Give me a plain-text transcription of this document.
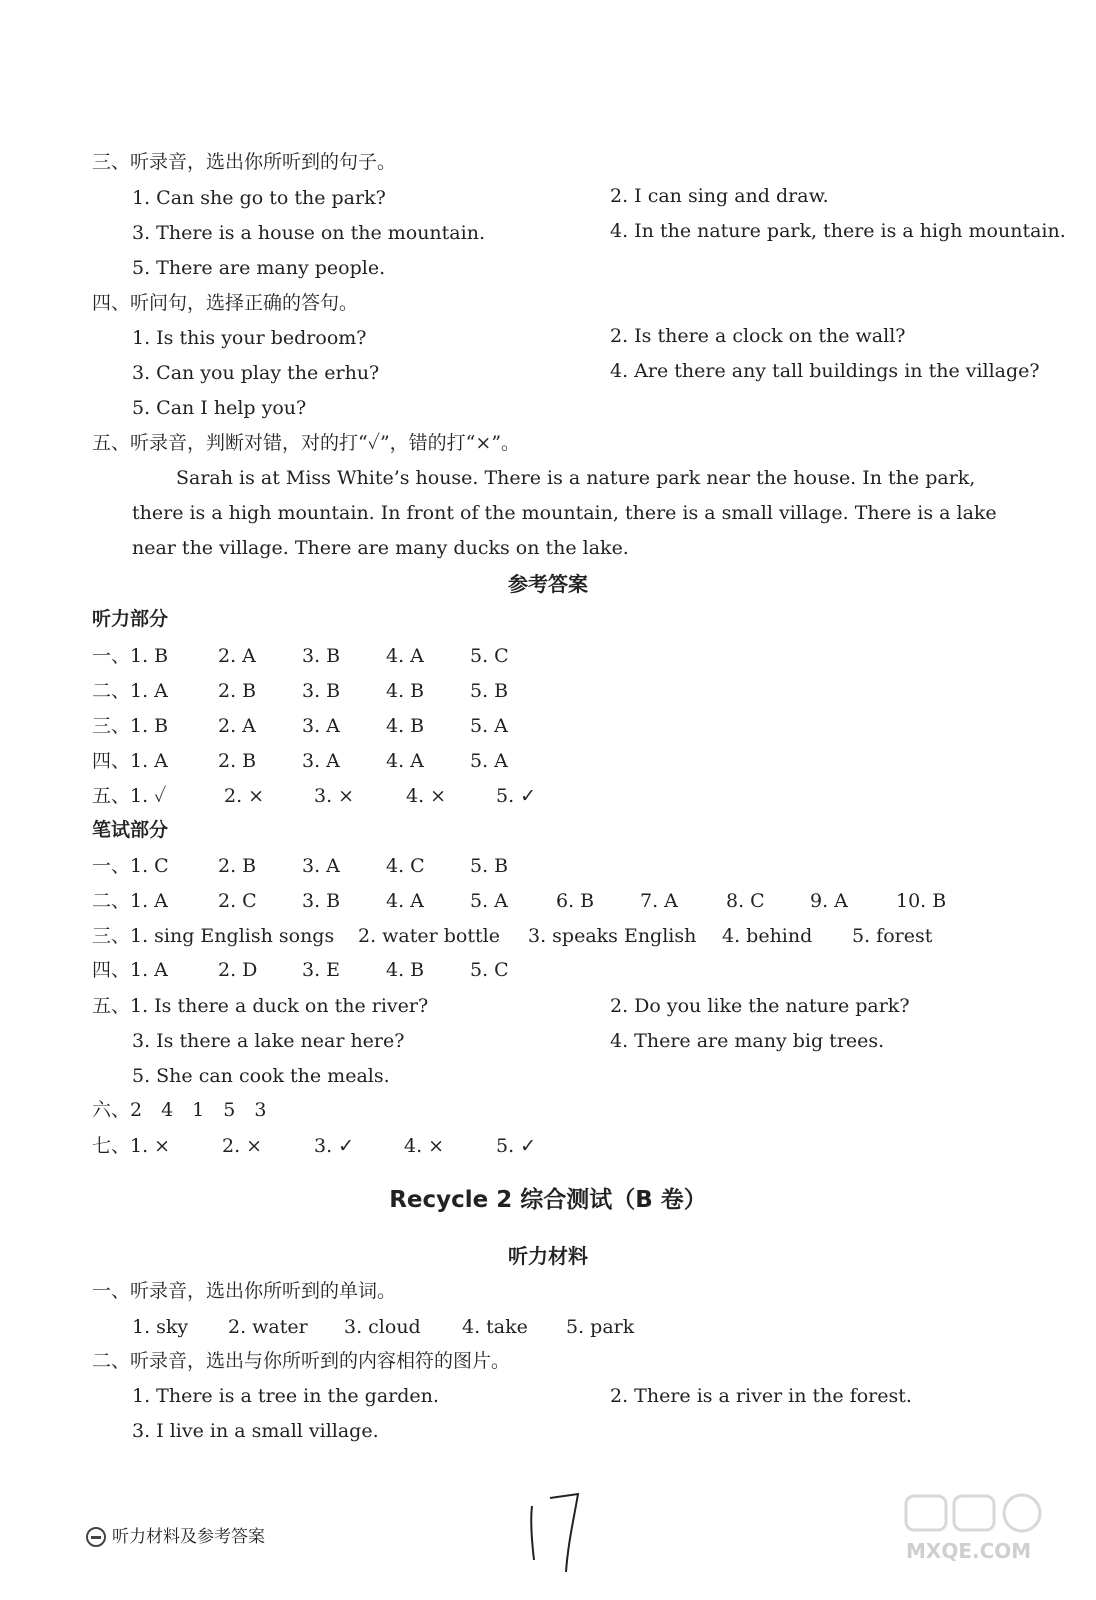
三、听录音，选出你所听到的句子。
1. Can she go to the park?	2. I can sing and draw.
3. There is a house on the mountain.	4. In the nature park, there is a high mountain.
5. There are many people.
四、听问句，选择正确的答句。
1. Is this your bedroom?	2. Is there a clock on the wall?
3. Can you play the erhu?	4. Are there any tall buildings in the village?
5. Can I help you?
五、听录音，判断对错，对的打“✓”，错的打“×”。
Sarah is at Miss White’s house. There is a nature park near the house. In the park, there is a high mountain. In front of the mountain, there is a small village. There is a lake near the village. There are many ducks on the lake.
参考答案
听力部分
一、1. B	2. A 3. B 4. A 5. C
二、1. A	2. B 3. B 4. B 5. B
三、1. B	2. A 3. A 4. B 5. A
四、1. A	2. B 3. A 4. A 5. A
五、1. ✓	2. ×	3. ×	4. ×	5. ✓
笔试部分
一、1. C	2. B 3. A 4. C 5. B
二、1. A	2. C 3. B 4. A 5. A	6. B 7. A	8. C 9. A	10. B
三、1. sing English songs 2. water bottle 3. speaks English 4. behind 5. forest
四、1. A	2. D 3. E 4. B 5. C
五、1. Is there a duck on the river?	2. Do you like the nature park?
3. Is there a lake near here?	4. There are many big trees.
5. She can cook the meals.
六、2　4　1　5　3
七、1. ×	2. ×	3. ✓	4. ×	5. ✓
Recycle 2 综合测试（B 卷）
听力材料
一、听录音，选出你所听到的单词。
1. sky 2. water 3. cloud 4. take 5. park
二、听录音，选出与你所听到的内容相符的图片。
1. There is a tree in the garden.	2. There is a river in the forest.
3. I live in a small village.
听力材料及参考答案
MXQE.COM
